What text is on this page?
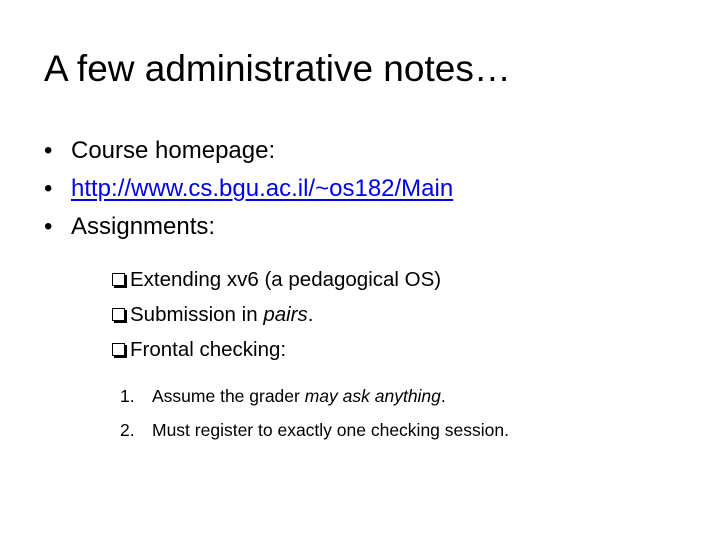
A few administrative notes…
• Course homepage:
• http://www.cs.bgu.ac.il/~os182/Main
• Assignments:
Extending xv6 (a pedagogical OS)
Submission in pairs.
Frontal checking:
1. Assume the grader may ask anything.
2. Must register to exactly one checking session.
